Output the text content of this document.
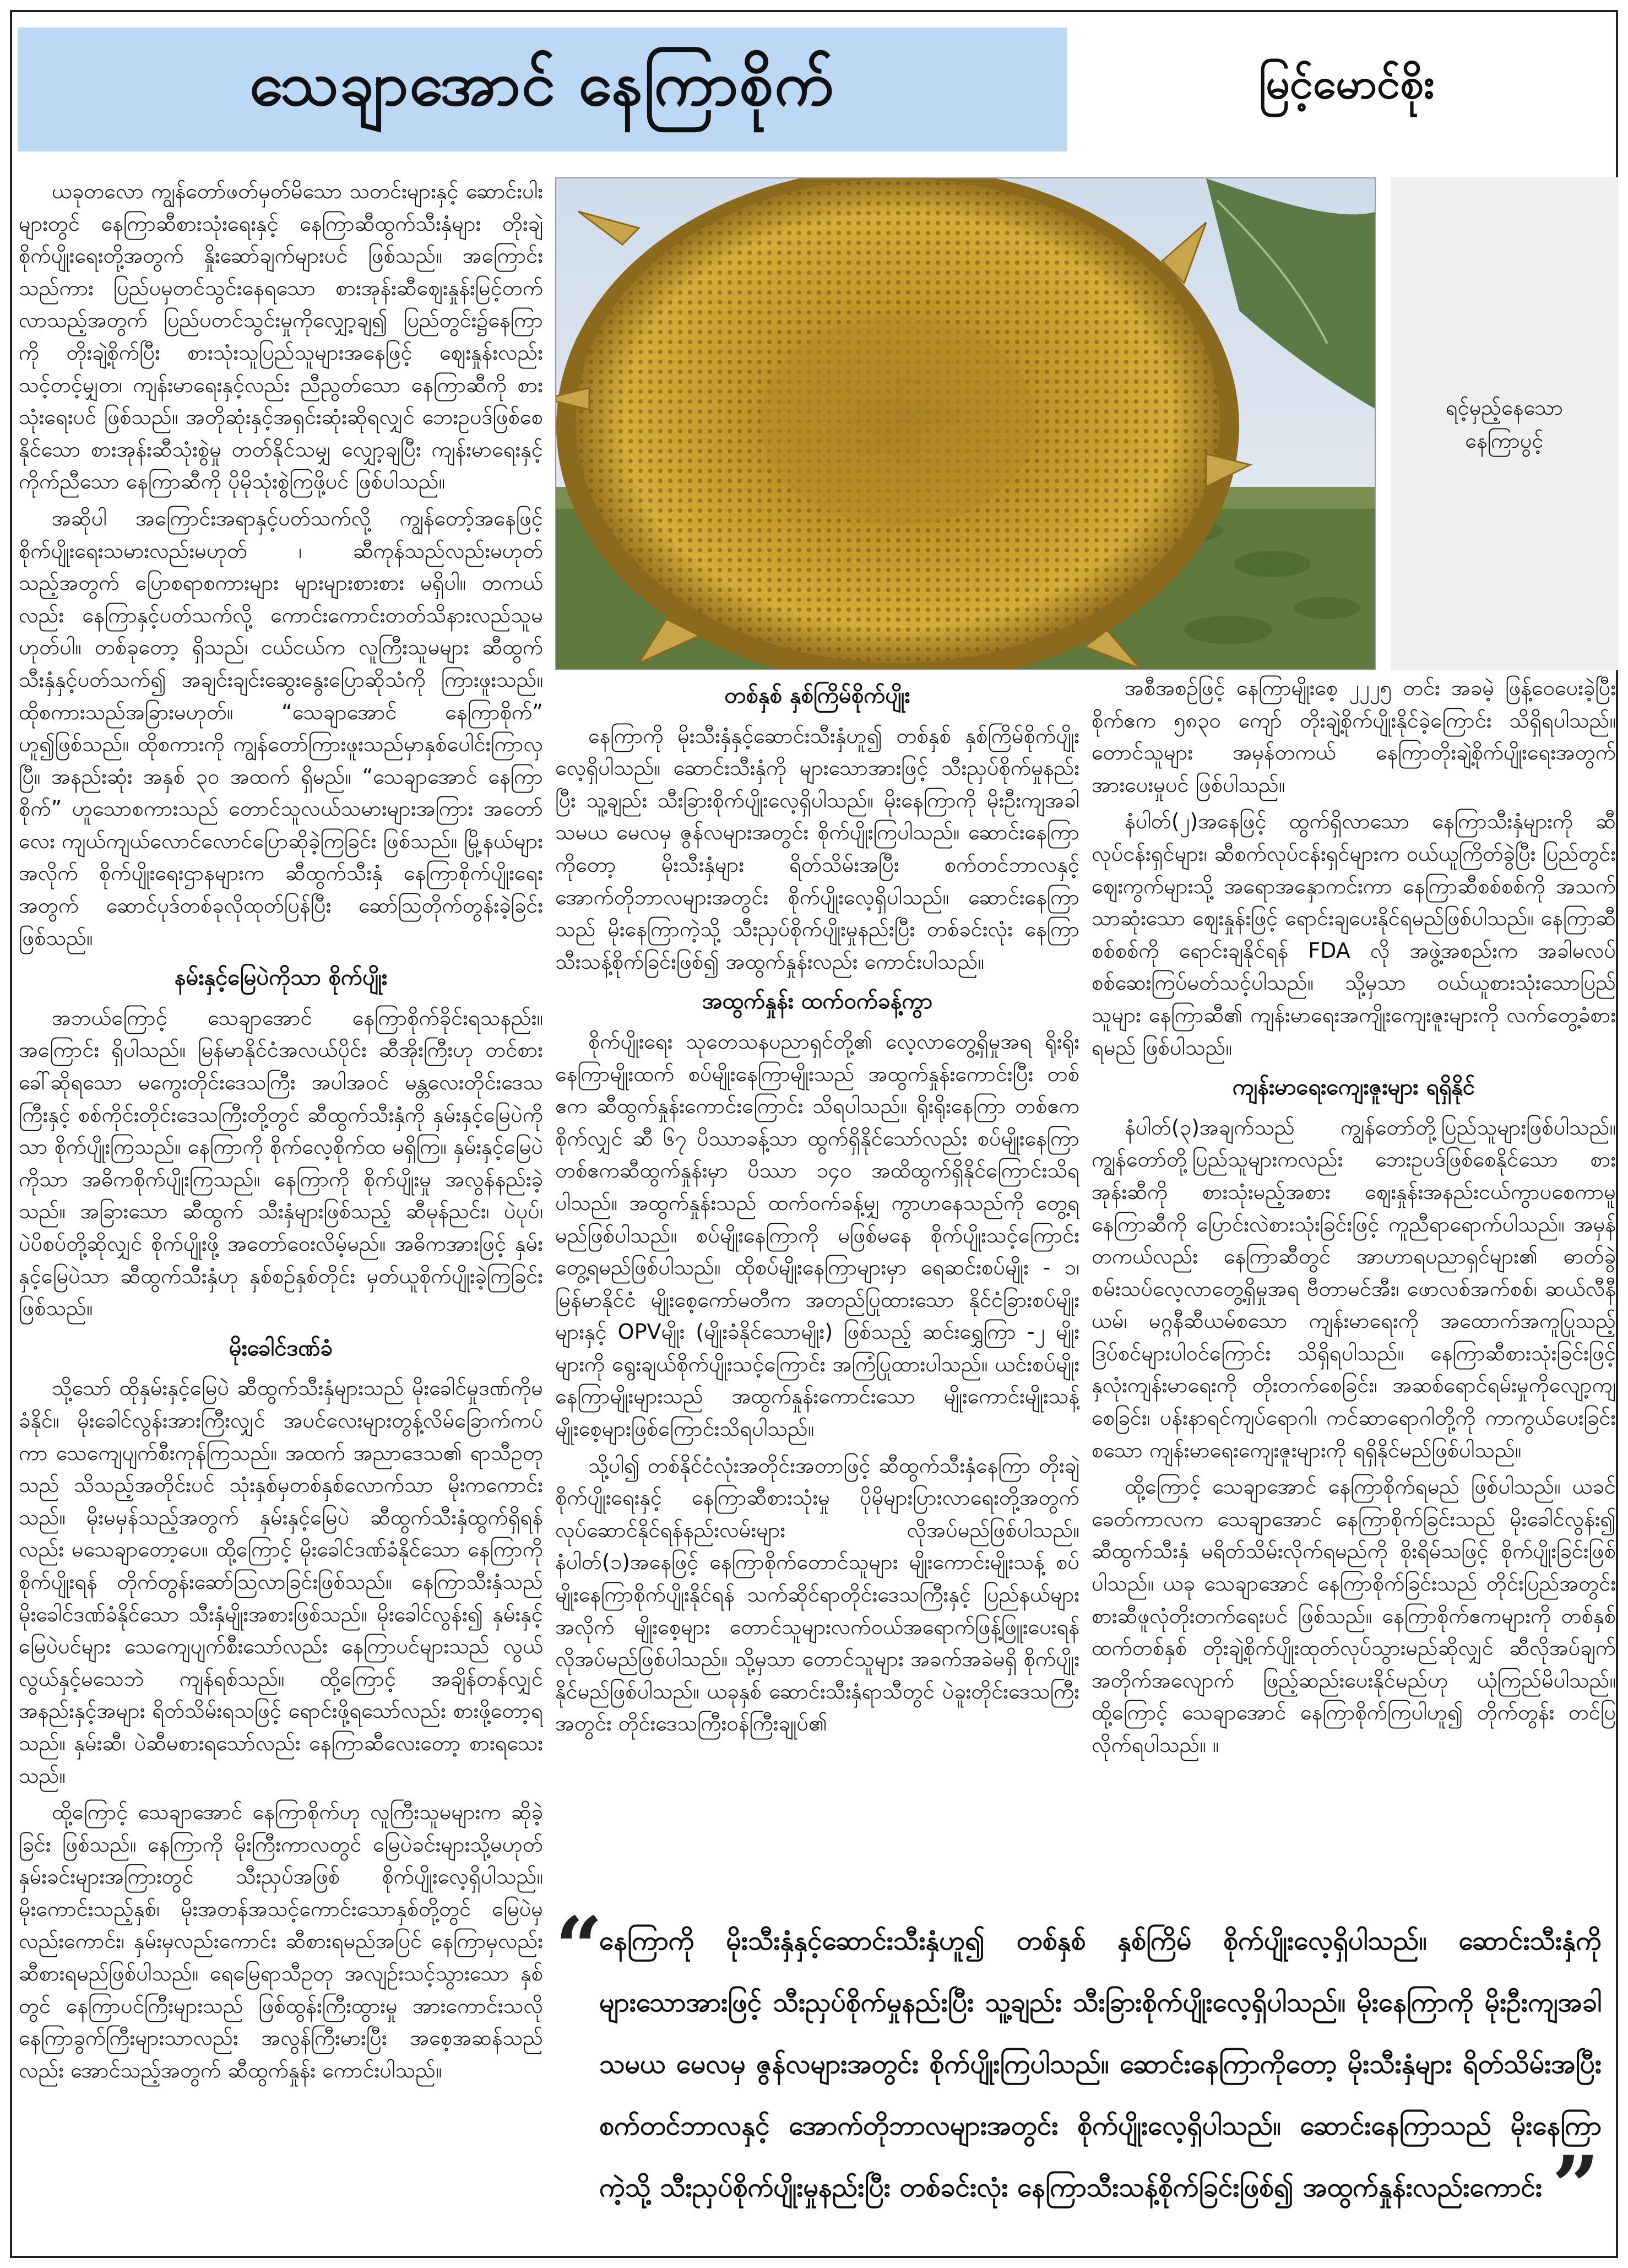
သေချာအောင် နေကြာစိုက်	မြင့်မောင်စိုး

ယခုတလော ကျွန်တော်ဖတ်မှတ်မိသော သတင်းများနှင့် ဆောင်းပါးများတွင် နေကြာဆီစားသုံးရေးနှင့် နေကြာဆီထွက်သီးနှံများ တိုးချဲ့စိုက်ပျိုးရေးတို့အတွက် နှိုးဆော်ချက်များပင် ဖြစ်သည်။ အကြောင်းသည်ကား ပြည်ပမှတင်သွင်းနေရသော စားအုန်းဆီဈေးနှုန်းမြင့်တက်လာသည့်အတွက် ပြည်ပတင်သွင်းမှုကိုလျှော့ချ၍ ပြည်တွင်း၌နေကြာကို တိုးချဲ့စိုက်ပြီး စားသုံးသူပြည်သူများအနေဖြင့် ဈေးနှုန်းလည်း သင့်တင့်မျှတ၊ ကျန်းမာရေးနှင့်လည်း ညီညွတ်သော နေကြာဆီကို စားသုံးရေးပင် ဖြစ်သည်။ အတိုဆုံးနှင့်အရှင်းဆုံးဆိုရလျှင် ဘေးဥပဒ်ဖြစ်စေနိုင်သော စားအုန်းဆီသုံးစွဲမှု တတ်နိုင်သမျှ လျှော့ချပြီး ကျန်းမာရေးနှင့်ကိုက်ညီသော နေကြာဆီကို ပိုမိုသုံးစွဲကြဖို့ပင် ဖြစ်ပါသည်။

အဆိုပါ အကြောင်းအရာနှင့်ပတ်သက်လို့ ကျွန်တော့်အနေဖြင့် စိုက်ပျိုးရေးသမားလည်းမဟုတ် ၊ ဆီကုန်သည်လည်းမဟုတ်သည့်အတွက် ပြောစရာစကားများ များများစားစား မရှိပါ။ တကယ်လည်း နေကြာနှင့်ပတ်သက်လို့ ကောင်းကောင်းတတ်သိနားလည်သူမဟုတ်ပါ။ တစ်ခုတော့ ရှိသည်၊ ငယ်ငယ်က လူကြီးသူမများ ဆီထွက်သီးနှံနှင့်ပတ်သက်၍ အချင်းချင်းဆွေးနွေးပြောဆိုသံကို ကြားဖူးသည်။ ထိုစကားသည်အခြားမဟုတ်။ “သေချာအောင် နေကြာစိုက်” ဟူ၍ဖြစ်သည်။ ထိုစကားကို ကျွန်တော်ကြားဖူးသည်မှာနှစ်ပေါင်းကြာလှပြီ။ အနည်းဆုံး အနှစ် ၃၀ အထက် ရှိမည်။ “သေချာအောင် နေကြာစိုက်” ဟူသောစကားသည် တောင်သူလယ်သမားများအကြား အတော်လေး ကျယ်ကျယ်လောင်လောင်ပြောဆိုခဲ့ကြခြင်း ဖြစ်သည်။ မြို့နယ်များအလိုက် စိုက်ပျိုးရေးဌာနများက ဆီထွက်သီးနှံ နေကြာစိုက်ပျိုးရေးအတွက် ဆောင်ပုဒ်တစ်ခုလိုထုတ်ပြန်ပြီး ဆော်ဩတိုက်တွန်းခဲ့ခြင်း ဖြစ်သည်။

နမ်းနှင့်မြေပဲကိုသာ စိုက်ပျိုး

အဘယ်ကြောင့် သေချာအောင် နေကြာစိုက်ခိုင်းရသနည်း။ အကြောင်း ရှိပါသည်။ မြန်မာနိုင်ငံအလယ်ပိုင်း ဆီအိုးကြီးဟု တင်စားခေါ်ဆိုရသော မကွေးတိုင်းဒေသကြီး အပါအဝင် မန္တလေးတိုင်းဒေသကြီးနှင့် စစ်ကိုင်းတိုင်းဒေသကြီးတို့တွင် ဆီထွက်သီးနှံကို နှမ်းနှင့်မြေပဲကိုသာ စိုက်ပျိုးကြသည်။ နေကြာကို စိုက်လေ့စိုက်ထ မရှိကြ။ နှမ်းနှင့်မြေပဲကိုသာ အဓိကစိုက်ပျိုးကြသည်။ နေကြာကို စိုက်ပျိုးမှု အလွန်နည်းခဲ့သည်။ အခြားသော ဆီထွက် သီးနှံများဖြစ်သည့် ဆီမုန်ညင်း၊ ပဲပုပ်၊ ပဲပိစပ်တို့ဆိုလျှင် စိုက်ပျိုးဖို့ အတော်ဝေးလိမ့်မည်။ အဓိကအားဖြင့် နှမ်းနှင့်မြေပဲသာ ဆီထွက်သီးနှံဟု နှစ်စဉ်နှစ်တိုင်း မှတ်ယူစိုက်ပျိုးခဲ့ကြခြင်း ဖြစ်သည်။

မိုးခေါင်ဒဏ်ခံ

သို့သော် ထိုနှမ်းနှင့်မြေပဲ ဆီထွက်သီးနှံများသည် မိုးခေါင်မှုဒဏ်ကိုမခံနိုင်။ မိုးခေါင်လွန်းအားကြီးလျှင် အပင်လေးများတွန့်လိမ်ခြောက်ကပ်ကာ သေကျေပျက်စီးကုန်ကြသည်။ အထက် အညာဒေသ၏ ရာသီဥတုသည် သိသည့်အတိုင်းပင် သုံးနှစ်မှတစ်နှစ်လောက်သာ မိုးကကောင်းသည်။ မိုးမမှန်သည့်အတွက် နှမ်းနှင့်မြေပဲ ဆီထွက်သီးနှံထွက်ရှိရန်လည်း မသေချာတော့ပေ။ ထို့ကြောင့် မိုးခေါင်ဒဏ်ခံနိုင်သော နေကြာကိုစိုက်ပျိုးရန် တိုက်တွန်းဆော်ဩလာခြင်းဖြစ်သည်။ နေကြာသီးနှံသည် မိုးခေါင်ဒဏ်ခံနိုင်သော သီးနှံမျိုးအစားဖြစ်သည်။ မိုးခေါင်လွန်း၍ နှမ်းနှင့်မြေပဲပင်များ သေကျေပျက်စီးသော်လည်း နေကြာပင်များသည် လွယ်လွယ်နှင့်မသေဘဲ ကျန်ရစ်သည်။ ထို့ကြောင့် အချိန်တန်လျှင် အနည်းနှင့်အများ ရိတ်သိမ်းရသဖြင့် ရောင်းဖို့ရသော်လည်း စားဖို့တော့ရသည်။ နှမ်းဆီ၊ ပဲဆီမစားရသော်လည်း နေကြာဆီလေးတော့ စားရသေးသည်။

ထို့ကြောင့် သေချာအောင် နေကြာစိုက်ဟု လူကြီးသူမများက ဆိုခဲ့ခြင်း ဖြစ်သည်။ နေကြာကို မိုးကြီးကာလတွင် မြေပဲခင်းများသို့မဟုတ် နှမ်းခင်းများအကြားတွင် သီးညှပ်အဖြစ် စိုက်ပျိုးလေ့ရှိပါသည်။ မိုးကောင်းသည့်နှစ်၊ မိုးအတန်အသင့်ကောင်းသောနှစ်တို့တွင် မြေပဲမှလည်းကောင်း၊ နှမ်းမှလည်းကောင်း ဆီစားရမည်အပြင် နေကြာမှလည်း ဆီစားရမည်ဖြစ်ပါသည်။ ရေမြေရာသီဥတု အလျဉ်းသင့်သွားသော နှစ်တွင် နေကြာပင်ကြီးများသည် ဖြစ်ထွန်းကြီးထွားမှု အားကောင်းသလို နေကြာခွက်ကြီးများသာလည်း အလွန်ကြီးမားပြီး အစေ့အဆန်သည်လည်း အောင်သည့်အတွက် ဆီထွက်နှုန်း ကောင်းပါသည်။

ရင့်မှည့်နေသော
နေကြာပွင့်
တစ်နှစ် နှစ်ကြိမ်စိုက်ပျိုး

နေကြာကို မိုးသီးနှံနှင့်ဆောင်းသီးနှံဟူ၍ တစ်နှစ် နှစ်ကြိမ်စိုက်ပျိုးလေ့ရှိပါသည်။ ဆောင်းသီးနှံကို များသောအားဖြင့် သီးညှပ်စိုက်မှုနည်းပြီး သူ့ချည်း သီးခြားစိုက်ပျိုးလေ့ရှိပါသည်။ မိုးနေကြာကို မိုးဦးကျအခါသမယ မေလမှ ဇွန်လများအတွင်း စိုက်ပျိုးကြပါသည်။ ဆောင်းနေကြာကိုတော့ မိုးသီးနှံများ ရိတ်သိမ်းအပြီး စက်တင်ဘာလနှင့် အောက်တိုဘာလများအတွင်း စိုက်ပျိုးလေ့ရှိပါသည်။ ဆောင်းနေကြာသည် မိုးနေကြာကဲ့သို့ သီးညှပ်စိုက်ပျိုးမှုနည်းပြီး တစ်ခင်းလုံး နေကြာသီးသန့်စိုက်ခြင်းဖြစ်၍ အထွက်နှုန်းလည်း ကောင်းပါသည်။

အထွက်နှုန်း ထက်ဝက်ခန့်ကွာ

စိုက်ပျိုးရေး သုတေသနပညာရှင်တို့၏ လေ့လာတွေ့ရှိမှုအရ ရိုးရိုးနေကြာမျိုးထက် စပ်မျိုးနေကြာမျိုးသည် အထွက်နှုန်းကောင်းပြီး တစ်ဧက ဆီထွက်နှုန်းကောင်းကြောင်း သိရပါသည်။ ရိုးရိုးနေကြာ တစ်ဧကစိုက်လျှင် ဆီ ၆၇ ပိဿာခန့်သာ ထွက်ရှိနိုင်သော်လည်း စပ်မျိုးနေကြာ တစ်ဧကဆီထွက်နှုန်းမှာ ပိဿာ ၁၄၀ အထိထွက်ရှိနိုင်ကြောင်းသိရပါသည်။ အထွက်နှုန်းသည် ထက်ဝက်ခန့်မျှ ကွာဟနေသည်ကို တွေ့ရမည်ဖြစ်ပါသည်။ စပ်မျိုးနေကြာကို မဖြစ်မနေ စိုက်ပျိုးသင့်ကြောင်း တွေ့ရမည်ဖြစ်ပါသည်။ ထိုစပ်မျိုးနေကြာများမှာ ရေဆင်းစပ်မျိုး - ၁၊ မြန်မာနိုင်ငံ မျိုးစေ့ကော်မတီက အတည်ပြုထားသော နိုင်ငံခြားစပ်မျိုးများနှင့် OPVမျိုး (မျိုးခံနိုင်သောမျိုး) ဖြစ်သည့် ဆင်းရွှေကြာ -၂ မျိုးများကို ရွေးချယ်စိုက်ပျိုးသင့်ကြောင်း အကြံပြုထားပါသည်။ ယင်းစပ်မျိုးနေကြာမျိုးများသည် အထွက်နှုန်းကောင်းသော မျိုးကောင်းမျိုးသန့် မျိုးစေ့များဖြစ်ကြောင်းသိရပါသည်။

သို့ပါ၍ တစ်နိုင်ငံလုံးအတိုင်းအတာဖြင့် ဆီထွက်သီးနှံနေကြာ တိုးချဲ့စိုက်ပျိုးရေးနှင့် နေကြာဆီစားသုံးမှု ပိုမိုများပြားလာရေးတို့အတွက် လုပ်ဆောင်နိုင်ရန်နည်းလမ်းများ လိုအပ်မည်ဖြစ်ပါသည်။ နံပါတ်(၁)အနေဖြင့် နေကြာစိုက်တောင်သူများ မျိုးကောင်းမျိုးသန့် စပ်မျိုးနေကြာစိုက်ပျိုးနိုင်ရန် သက်ဆိုင်ရာတိုင်းဒေသကြီးနှင့် ပြည်နယ်များအလိုက် မျိုးစေ့များ တောင်သူများလက်ဝယ်အရောက်ဖြန့်ဖြူးပေးရန် လိုအပ်မည်ဖြစ်ပါသည်။ သို့မှသာ တောင်သူများ အခက်အခဲမရှိ စိုက်ပျိုးနိုင်မည်ဖြစ်ပါသည်။ ယခုနှစ် ဆောင်းသီးနှံရာသီတွင် ပဲခူးတိုင်းဒေသကြီးအတွင်း တိုင်းဒေသကြီးဝန်ကြီးချုပ်၏

အစီအစဉ်ဖြင့် နေကြာမျိုးစေ့ ၂၂၂၅ တင်း အခမဲ့ ဖြန့်ဝေပေးခဲ့ပြီး စိုက်ဧက ၅၈၃၀ ကျော် တိုးချဲ့စိုက်ပျိုးနိုင်ခဲ့ကြောင်း သိရှိရပါသည်။ တောင်သူများ အမှန်တကယ် နေကြာတိုးချဲ့စိုက်ပျိုးရေးအတွက် အားပေးမှုပင် ဖြစ်ပါသည်။

နံပါတ်(၂)အနေဖြင့် ထွက်ရှိလာသော နေကြာသီးနှံများကို ဆီလုပ်ငန်းရှင်များ၊ ဆီစက်လုပ်ငန်းရှင်များက ဝယ်ယူကြိတ်ခွဲပြီး ပြည်တွင်းဈေးကွက်များသို့ အရောအနှောကင်းကာ နေကြာဆီစစ်စစ်ကို အသက်သာဆုံးသော ဈေးနှုန်းဖြင့် ရောင်းချပေးနိုင်ရမည်ဖြစ်ပါသည်။ နေကြာဆီစစ်စစ်ကို ရောင်းချနိုင်ရန် FDA လို အဖွဲ့အစည်းက အခါမလပ် စစ်ဆေးကြပ်မတ်သင့်ပါသည်။ သို့မှသာ ဝယ်ယူစားသုံးသောပြည်သူများ နေကြာဆီ၏ ကျန်းမာရေးအကျိုးကျေးဇူးများကို လက်တွေ့ခံစားရမည် ဖြစ်ပါသည်။

ကျန်းမာရေးကျေးဇူးများ ရရှိနိုင်

နံပါတ်(၃)အချက်သည် ကျွန်တော်တို့ပြည်သူများဖြစ်ပါသည်။ ကျွန်တော်တို့ပြည်သူများကလည်း ဘေးဥပဒ်ဖြစ်စေနိုင်သော စားအုန်းဆီကို စားသုံးမည့်အစား ဈေးနှုန်းအနည်းငယ်ကွာပစေကာမူ နေကြာဆီကို ပြောင်းလဲစားသုံးခြင်းဖြင့် ကူညီရာရောက်ပါသည်။ အမှန်တကယ်လည်း နေကြာဆီတွင် အာဟာရပညာရှင်များ၏ ဓာတ်ခွဲစမ်းသပ်လေ့လာတွေ့ရှိမှုအရ ဗီတာမင်အီး၊ ဖောလစ်အက်စစ်၊ ဆယ်လီနီယမ်၊ မဂ္ဂနီဆီယမ်စသော ကျန်းမာရေးကို အထောက်အကူပြုသည့် ဒြပ်စင်များပါဝင်ကြောင်း သိရှိရပါသည်။ နေကြာဆီစားသုံးခြင်းဖြင့် နှလုံးကျန်းမာရေးကို တိုးတက်စေခြင်း၊ အဆစ်ရောင်ရမ်းမှုကိုလျော့ကျစေခြင်း၊ ပန်းနာရင်ကျပ်ရောဂါ၊ ကင်ဆာရောဂါတို့ကို ကာကွယ်ပေးခြင်း စသော ကျန်းမာရေးကျေးဇူးများကို ရရှိနိုင်မည်ဖြစ်ပါသည်။

ထို့ကြောင့် သေချာအောင် နေကြာစိုက်ရမည် ဖြစ်ပါသည်။ ယခင်ခေတ်ကာလက သေချာအောင် နေကြာစိုက်ခြင်းသည် မိုးခေါင်လွန်း၍ ဆီထွက်သီးနှံ မရိတ်သိမ်းလိုက်ရမည်ကို စိုးရိမ်သဖြင့် စိုက်ပျိုးခြင်းဖြစ်ပါသည်။ ယခု သေချာအောင် နေကြာစိုက်ခြင်းသည် တိုင်းပြည်အတွင်း စားဆီဖူလုံတိုးတက်ရေးပင် ဖြစ်သည်။ နေကြာစိုက်ဧကများကို တစ်နှစ်ထက်တစ်နှစ် တိုးချဲ့စိုက်ပျိုးထုတ်လုပ်သွားမည်ဆိုလျှင် ဆီလိုအပ်ချက် အတိုက်အလျောက် ဖြည့်ဆည်းပေးနိုင်မည်ဟု ယုံကြည်မိပါသည်။ ထို့ကြောင့် သေချာအောင် နေကြာစိုက်ကြပါဟူ၍ တိုက်တွန်း တင်ပြလိုက်ရပါသည်။ ။

“
နေကြာကို မိုးသီးနှံနှင့်ဆောင်းသီးနှံဟူ၍ တစ်နှစ် နှစ်ကြိမ် စိုက်ပျိုးလေ့ရှိပါသည်။ ဆောင်းသီးနှံကို များသောအားဖြင့် သီးညှပ်စိုက်မှုနည်းပြီး သူ့ချည်း သီးခြားစိုက်ပျိုးလေ့ရှိပါသည်။ မိုးနေကြာကို မိုးဦးကျအခါသမယ မေလမှ ဇွန်လများအတွင်း စိုက်ပျိုးကြပါသည်။ ဆောင်းနေကြာကိုတော့ မိုးသီးနှံများ ရိတ်သိမ်းအပြီး စက်တင်ဘာလနှင့် အောက်တိုဘာလများအတွင်း စိုက်ပျိုးလေ့ရှိပါသည်။ ဆောင်းနေကြာသည် မိုးနေကြာကဲ့သို့ သီးညှပ်စိုက်ပျိုးမှုနည်းပြီး တစ်ခင်းလုံး နေကြာသီးသန့်စိုက်ခြင်းဖြစ်၍ အထွက်နှုန်းလည်းကောင်း ”
